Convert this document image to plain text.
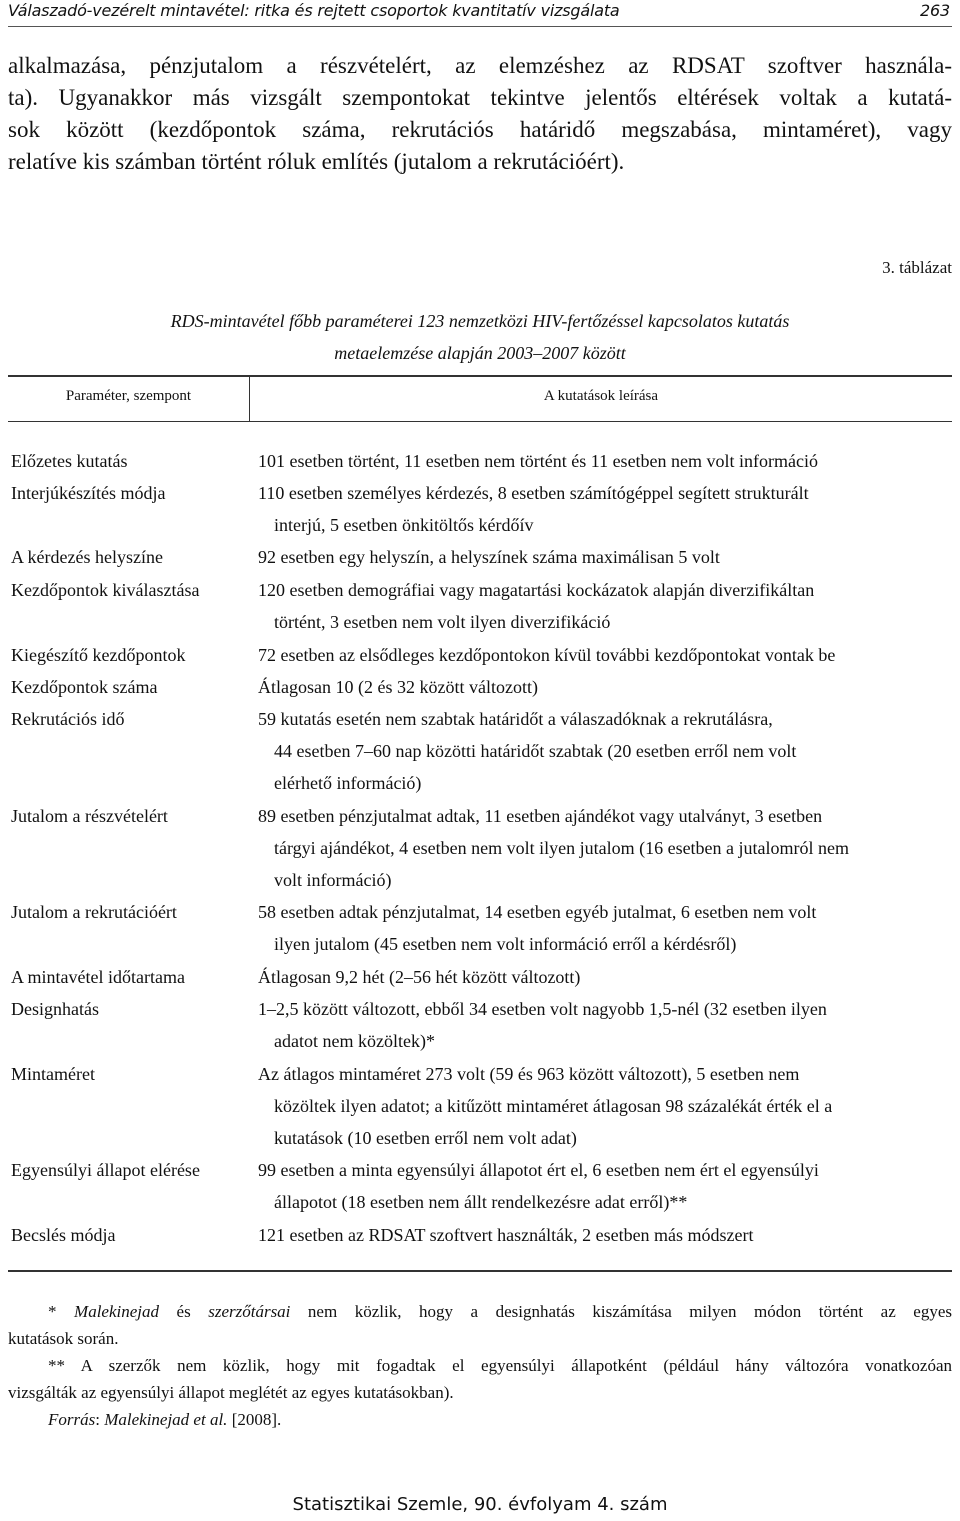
Válaszadó-vezérelt mintavétel: ritka és rejtett csoportok kvantitatív vizsgálata	263

alkalmazása, pénzjutalom a részvételért, az elemzéshez az RDSAT szoftver használa-
ta). Ugyanakkor más vizsgált szempontokat tekintve jelentős eltérések voltak a kutatá-
sok között (kezdőpontok száma, rekrutációs határidő megszabása, mintaméret), vagy
relatíve kis számban történt róluk említés (jutalom a rekrutációért).

3. táblázat
RDS-mintavétel főbb paraméterei 123 nemzetközi HIV-fertőzéssel kapcsolatos kutatás
metaelemzése alapján 2003–2007 között
Paraméter, szempont	A kutatások leírása
Előzetes kutatás	101 esetben történt, 11 esetben nem történt és 11 esetben nem volt információ
Interjúkészítés módja	110 esetben személyes kérdezés, 8 esetben számítógéppel segített strukturált
interjú, 5 esetben önkitöltős kérdőív
A kérdezés helyszíne	92 esetben egy helyszín, a helyszínek száma maximálisan 5 volt
Kezdőpontok kiválasztása	120 esetben demográfiai vagy magatartási kockázatok alapján diverzifikáltan
történt, 3 esetben nem volt ilyen diverzifikáció
Kiegészítő kezdőpontok	72 esetben az elsődleges kezdőpontokon kívül további kezdőpontokat vontak be
Kezdőpontok száma	Átlagosan 10 (2 és 32 között változott)
Rekrutációs idő	59 kutatás esetén nem szabtak határidőt a válaszadóknak a rekrutálásra,
44 esetben 7–60 nap közötti határidőt szabtak (20 esetben erről nem volt
elérhető információ)
Jutalom a részvételért	89 esetben pénzjutalmat adtak, 11 esetben ajándékot vagy utalványt, 3 esetben
tárgyi ajándékot, 4 esetben nem volt ilyen jutalom (16 esetben a jutalomról nem
volt információ)
Jutalom a rekrutációért	58 esetben adtak pénzjutalmat, 14 esetben egyéb jutalmat, 6 esetben nem volt
ilyen jutalom (45 esetben nem volt információ erről a kérdésről)
A mintavétel időtartama	Átlagosan 9,2 hét (2–56 hét között változott)
Designhatás	1–2,5 között változott, ebből 34 esetben volt nagyobb 1,5-nél (32 esetben ilyen
adatot nem közöltek)*
Mintaméret	Az átlagos mintaméret 273 volt (59 és 963 között változott), 5 esetben nem
közöltek ilyen adatot; a kitűzött mintaméret átlagosan 98 százalékát érték el a
kutatások (10 esetben erről nem volt adat)
Egyensúlyi állapot elérése	99 esetben a minta egyensúlyi állapotot ért el, 6 esetben nem ért el egyensúlyi
állapotot (18 esetben nem állt rendelkezésre adat erről)**
Becslés módja	121 esetben az RDSAT szoftvert használták, 2 esetben más módszert
* Malekinejad és szerzőtársai nem közlik, hogy a designhatás kiszámítása milyen módon történt az egyes
kutatások során.
** A szerzők nem közlik, hogy mit fogadtak el egyensúlyi állapotként (például hány változóra vonatkozóan
vizsgálták az egyensúlyi állapot meglétét az egyes kutatásokban).
Forrás: Malekinejad et al. [2008].
Statisztikai Szemle, 90. évfolyam 4. szám
